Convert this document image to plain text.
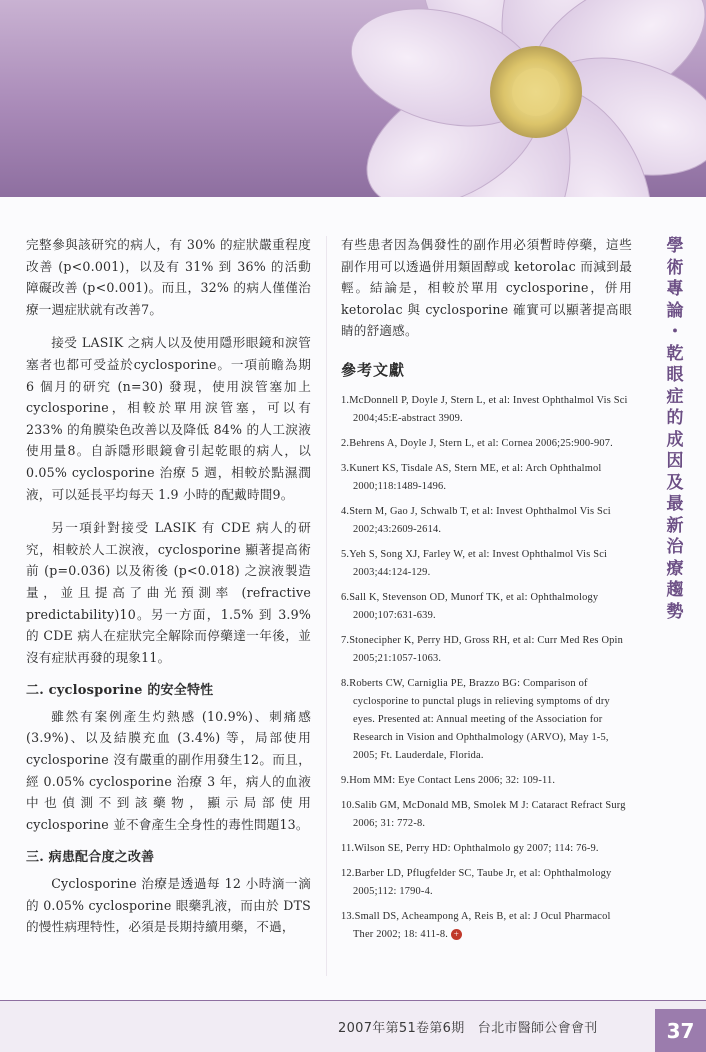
完整參與該研究的病人，有 30% 的症狀嚴重程度改善 (p<0.001)，以及有 31% 到 36% 的活動障礙改善 (p<0.001)。而且，32% 的病人僅僅治療一週症狀就有改善7。

接受 LASIK 之病人以及使用隱形眼鏡和淚管塞者也都可受益於cyclosporine。一項前瞻為期 6 個月的研究 (n=30) 發現，使用淚管塞加上 cyclosporine，相較於單用淚管塞，可以有 233% 的角膜染色改善以及降低 84% 的人工淚液使用量8。自訴隱形眼鏡會引起乾眼的病人，以 0.05% cyclosporine 治療 5 週，相較於點濕潤液，可以延長平均每天 1.9 小時的配戴時間9。

另一項針對接受 LASIK 有 CDE 病人的研究，相較於人工淚液，cyclosporine 顯著提高術前 (p=0.036) 以及術後 (p<0.018) 之淚液製造量，並且提高了曲光預測率 (refractive predictability)10。另一方面，1.5% 到 3.9% 的 CDE 病人在症狀完全解除而停藥達一年後，並沒有症狀再發的現象11。

二. cyclosporine 的安全特性

雖然有案例產生灼熱感 (10.9%)、刺痛感 (3.9%)、以及結膜充血 (3.4%) 等，局部使用 cyclosporine 沒有嚴重的副作用發生12。而且，經 0.05% cyclosporine 治療 3 年，病人的血液中也偵測不到該藥物，顯示局部使用 cyclosporine 並不會產生全身性的毒性問題13。

三. 病患配合度之改善

Cyclosporine 治療是透過每 12 小時滴一滴的 0.05% cyclosporine 眼藥乳液，而由於 DTS 的慢性病理特性，必須是長期持續用藥，不過，

有些患者因為偶發性的副作用必須暫時停藥，這些副作用可以透過併用類固醇或 ketorolac 而減到最輕。結論是，相較於單用 cyclosporine，併用 ketorolac 與 cyclosporine 確實可以顯著提高眼睛的舒適感。

參考文獻
1.McDonnell P, Doyle J, Stern L, et al: Invest Ophthalmol Vis Sci 2004;45:E-abstract 3909.
2.Behrens A, Doyle J, Stern L, et al: Cornea 2006;25:900-907.
3.Kunert KS, Tisdale AS, Stern ME, et al: Arch Ophthalmol 2000;118:1489-1496.
4.Stern M, Gao J, Schwalb T, et al: Invest Ophthalmol Vis Sci 2002;43:2609-2614.
5.Yeh S, Song XJ, Farley W, et al: Invest Ophthalmol Vis Sci 2003;44:124-129.
6.Sall K, Stevenson OD, Munorf TK, et al: Ophthalmology 2000;107:631-639.
7.Stonecipher K, Perry HD, Gross RH, et al: Curr Med Res Opin 2005;21:1057-1063.
8.Roberts CW, Carniglia PE, Brazzo BG: Comparison of cyclosporine to punctal plugs in relieving symptoms of dry eyes. Presented at: Annual meeting of the Association for Research in Vision and Ophthalmology (ARVO), May 1-5, 2005; Ft. Lauderdale, Florida.
9.Hom MM: Eye Contact Lens 2006; 32: 109-11.
10.Salib GM, McDonald MB, Smolek M J: Cataract Refract Surg 2006; 31: 772-8.
11.Wilson SE, Perry HD: Ophthalmolo gy 2007; 114: 76-9.
12.Barber LD, Pflugfelder SC, Taube Jr, et al: Ophthalmology 2005;112: 1790-4.
13.Small DS, Acheampong A, Reis B, et al: J Ocul Pharmacol Ther 2002; 18: 411-8. +
學
術
專
論
・
乾
眼
症
的
成
因
及
最
新
治
療
趨
勢
2007年第51卷第6期　台北市醫師公會會刊	37
